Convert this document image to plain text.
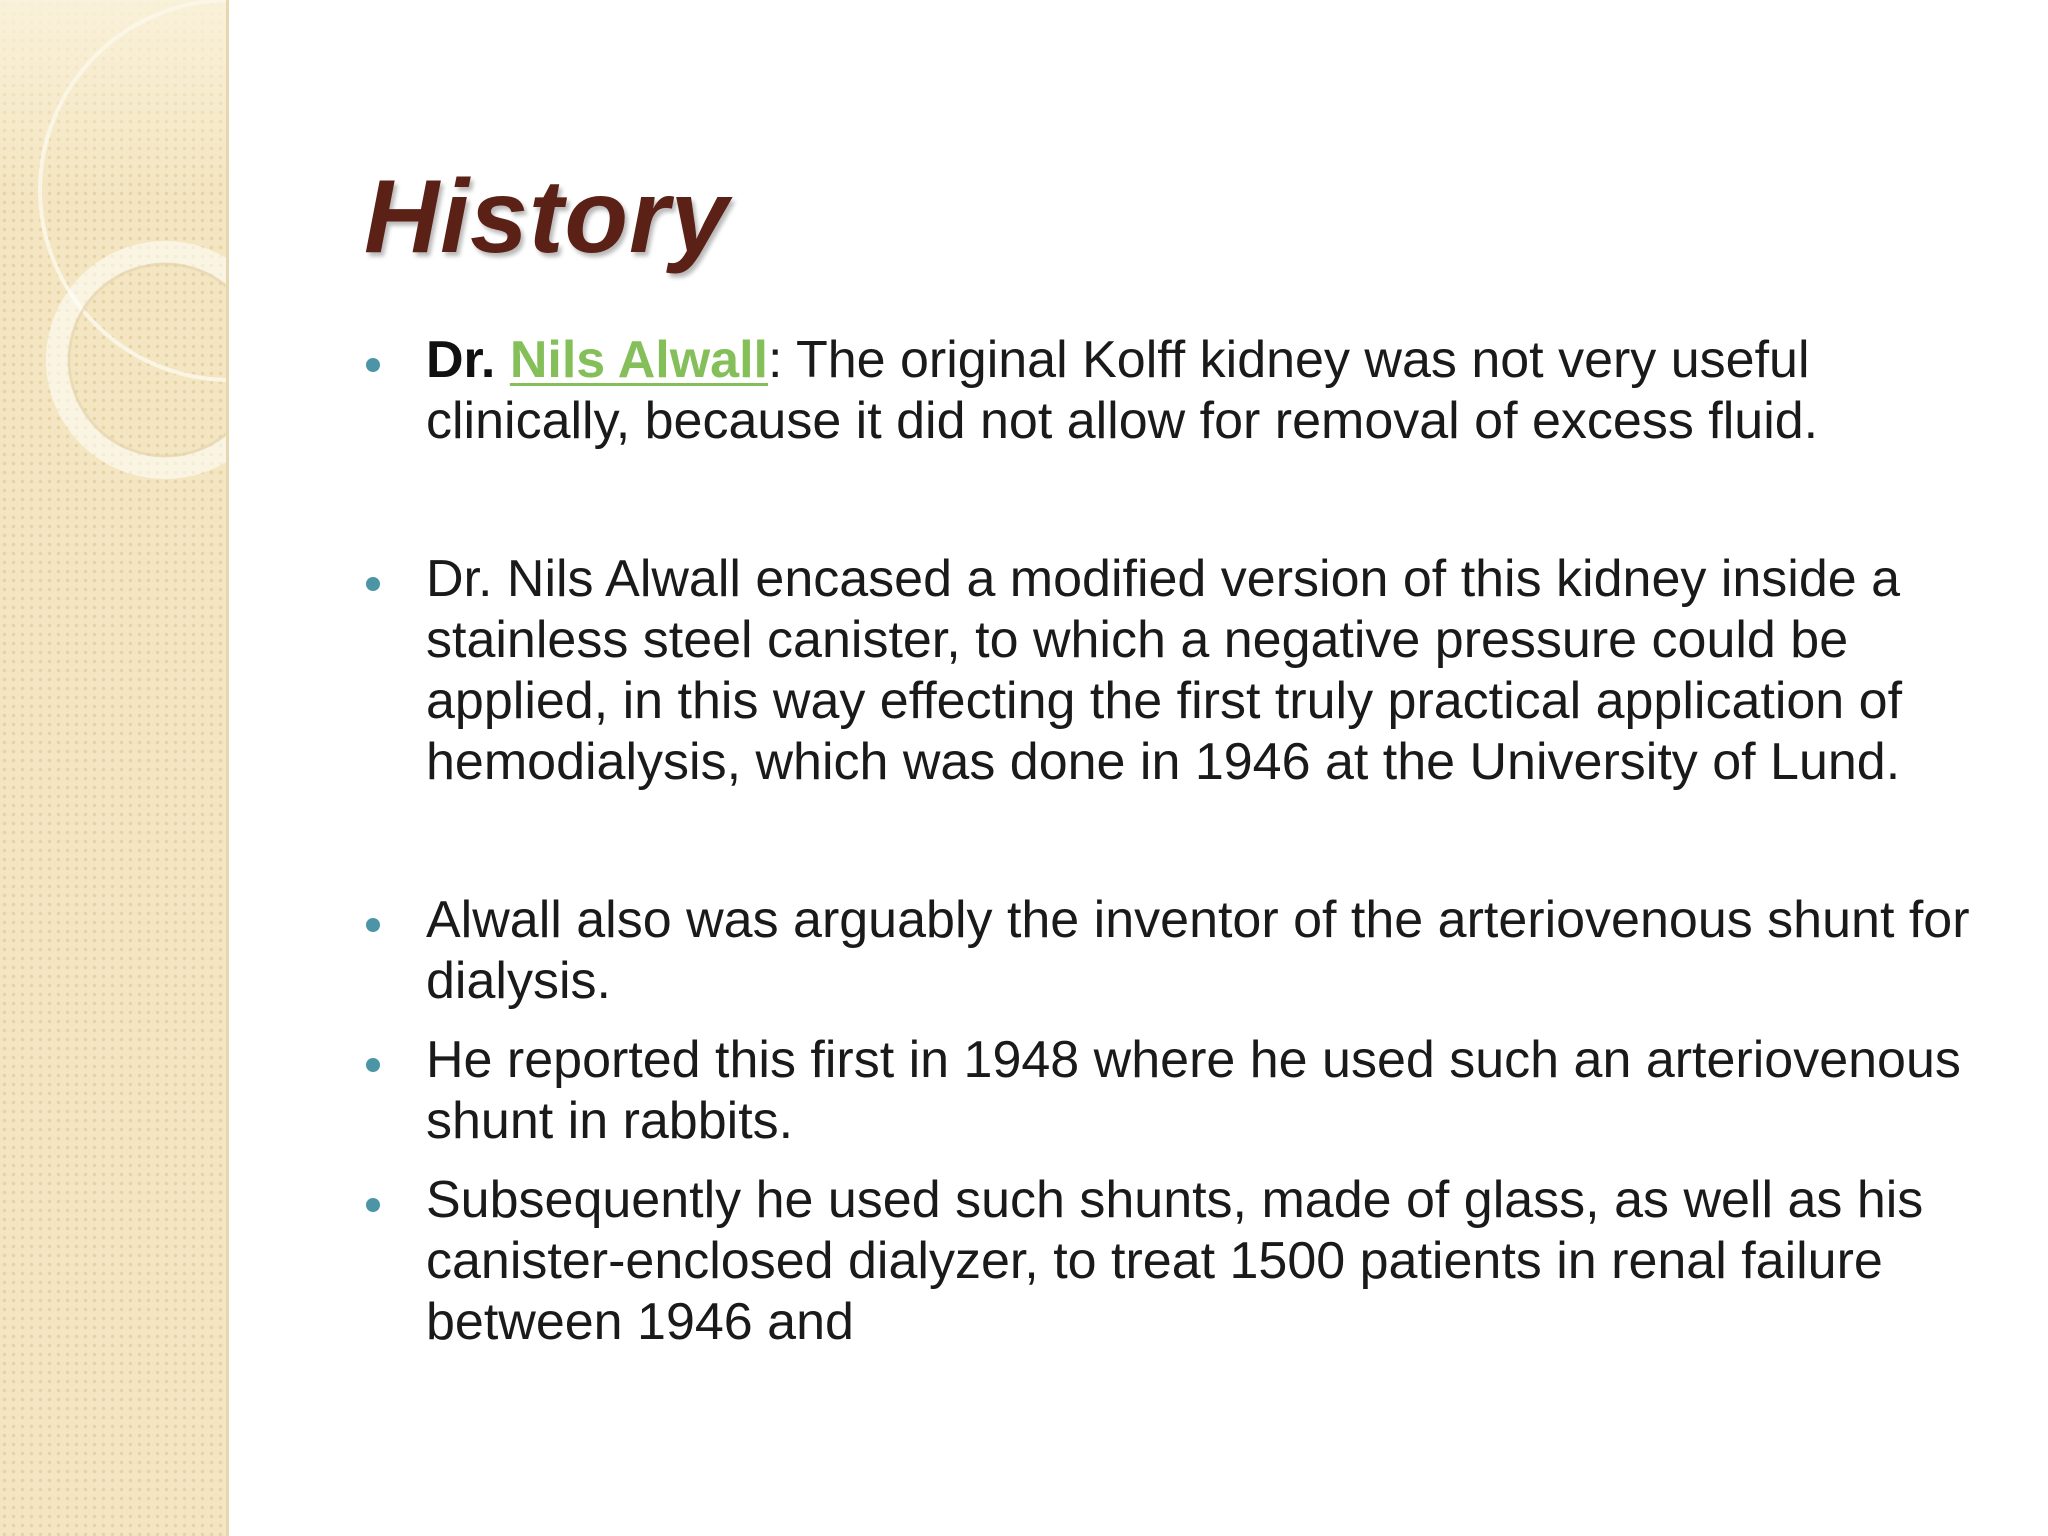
History
Dr. Nils Alwall: The original Kolff kidney was not very useful clinically, because it did not allow for removal of excess fluid.
Dr. Nils Alwall encased a modified version of this kidney inside a stainless steel canister, to which a negative pressure could be applied, in this way effecting the first truly practical application of hemodialysis, which was done in 1946 at the University of Lund.
Alwall also was arguably the inventor of the arteriovenous shunt for dialysis.
He reported this first in 1948 where he used such an arteriovenous shunt in rabbits.
Subsequently he used such shunts, made of glass, as well as his canister-enclosed dialyzer, to treat 1500 patients in renal failure between 1946 and
